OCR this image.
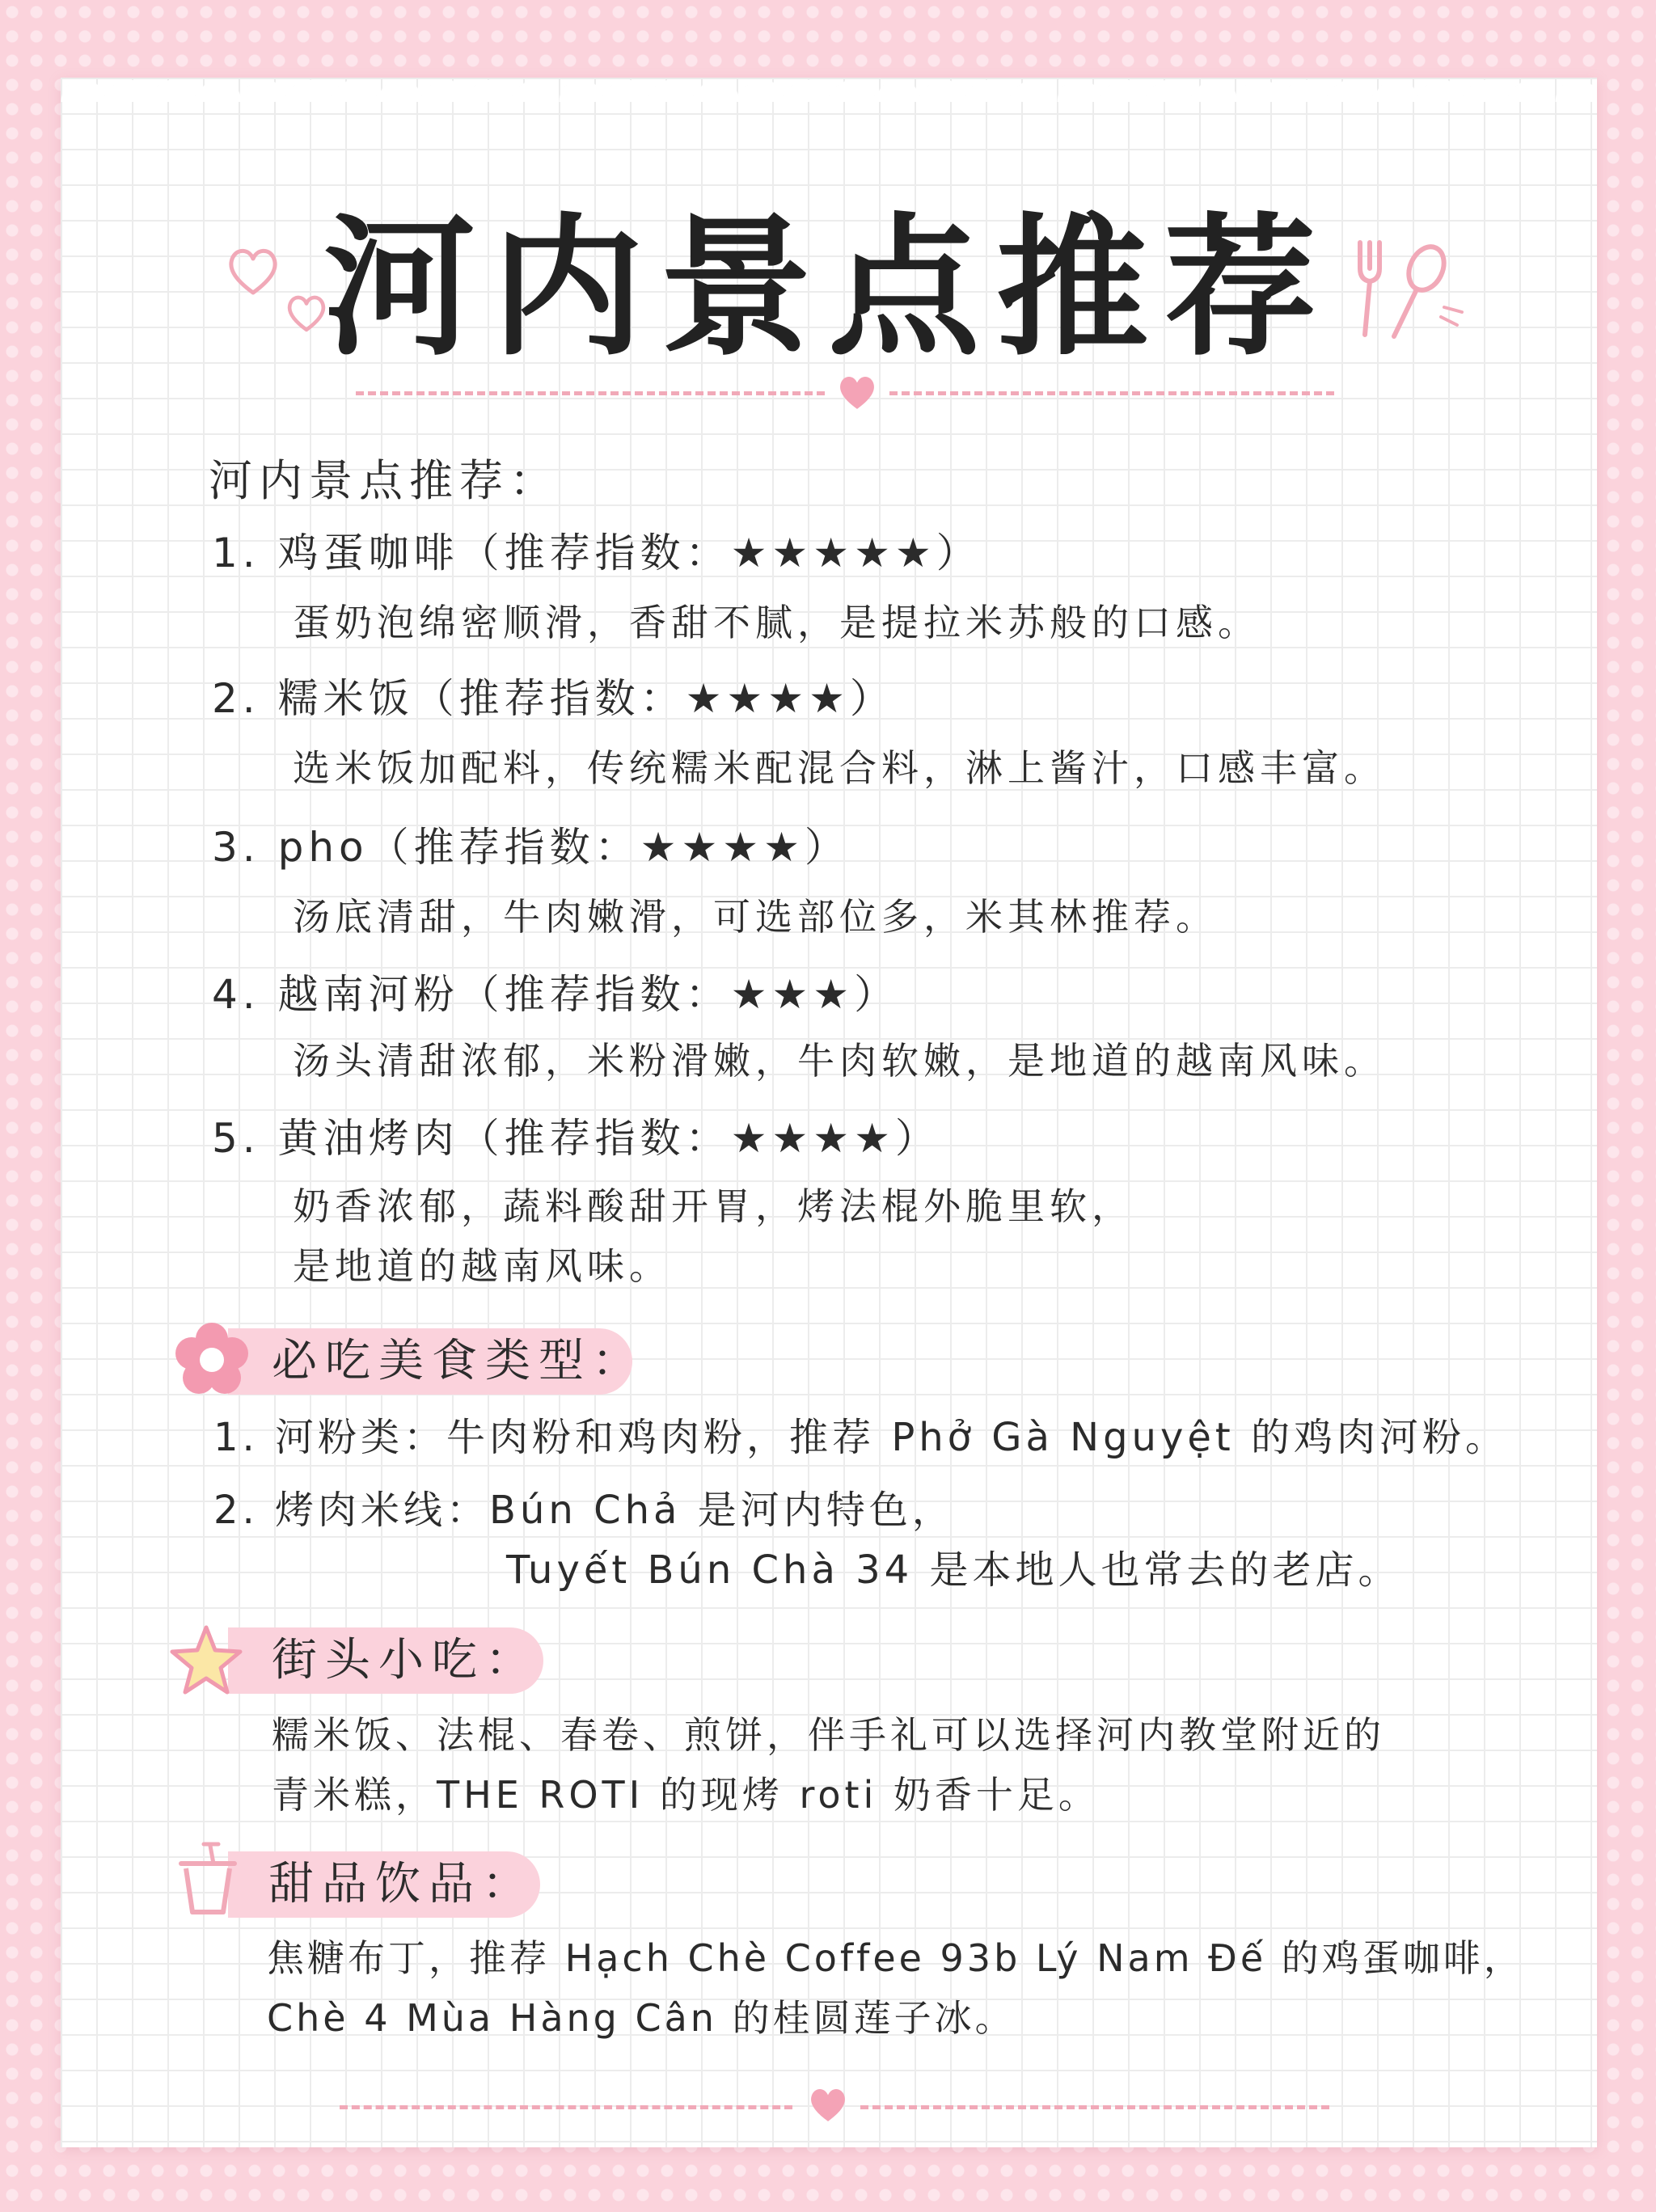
河内景点推荐
河内景点推荐：
1. 鸡蛋咖啡（推荐指数：★★★★★）
蛋奶泡绵密顺滑，香甜不腻，是提拉米苏般的口感。
2. 糯米饭（推荐指数：★★★★）
选米饭加配料，传统糯米配混合料，淋上酱汁，口感丰富。
3. pho（推荐指数：★★★★）
汤底清甜，牛肉嫩滑，可选部位多，米其林推荐。
4. 越南河粉（推荐指数：★★★）
汤头清甜浓郁，米粉滑嫩，牛肉软嫩，是地道的越南风味。
5. 黄油烤肉（推荐指数：★★★★）
奶香浓郁，蔬料酸甜开胃，烤法棍外脆里软，
是地道的越南风味。
必吃美食类型：
1. 河粉类：牛肉粉和鸡肉粉，推荐 Phở Gà Nguyệt 的鸡肉河粉。
2. 烤肉米线：Bún Chả 是河内特色，
Tuyết Bún Chà 34 是本地人也常去的老店。
街头小吃：
糯米饭、法棍、春卷、煎饼，伴手礼可以选择河内教堂附近的
青米糕，THE ROTI 的现烤 roti 奶香十足。
甜品饮品：
焦糖布丁，推荐 Hạch Chè Coffee 93b Lý Nam Đế 的鸡蛋咖啡，
Chè 4 Mùa Hàng Cân 的桂圆莲子冰。
